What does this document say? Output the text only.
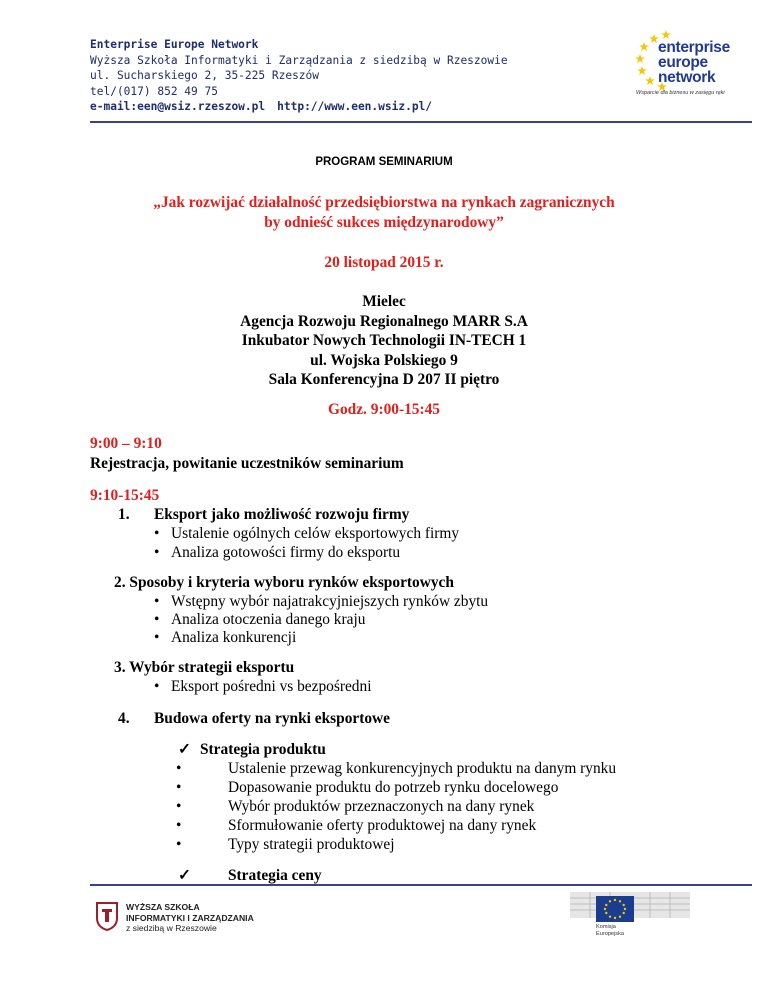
Enterprise Europe Network
Wyższa Szkoła Informatyki i Zarządzania z siedzibą w Rzeszowie
ul. Sucharskiego 2, 35-225 Rzeszów
tel/(017) 852 49 75
e-mail:een@wsiz.rzeszow.pl http://www.een.wsiz.pl/
enterprise
europe
network
Wsparcie dla biznesu w zasięgu ręki
PROGRAM SEMINARIUM
„Jak rozwijać działalność przedsiębiorstwa na rynkach zagranicznych
by odnieść sukces międzynarodowy”
20 listopad 2015 r.
Mielec
Agencja Rozwoju Regionalnego MARR S.A
Inkubator Nowych Technologii IN-TECH 1
ul. Wojska Polskiego 9
Sala Konferencyjna D 207 II piętro
Godz. 9:00-15:45
9:00 – 9:10
Rejestracja, powitanie uczestników seminarium
9:10-15:45
1.	Eksport jako możliwość rozwoju firmy
• Ustalenie ogólnych celów eksportowych firmy
• Analiza gotowości firmy do eksportu
2. Sposoby i kryteria wyboru rynków eksportowych
• Wstępny wybór najatrakcyjniejszych rynków zbytu
• Analiza otoczenia danego kraju
• Analiza konkurencji
3. Wybór strategii eksportu
• Eksport pośredni vs bezpośredni
4.	Budowa oferty na rynki eksportowe
✓ Strategia produktu
•	Ustalenie przewag konkurencyjnych produktu na danym rynku
•	Dopasowanie produktu do potrzeb rynku docelowego
•	Wybór produktów przeznaczonych na dany rynek
•	Sformułowanie oferty produktowej na dany rynek
•	Typy strategii produktowej
✓ Strategia ceny
WYŻSZA SZKOŁA
INFORMATYKI I ZARZĄDZANIA
z siedzibą w Rzeszowie	Komisja
Europejska
